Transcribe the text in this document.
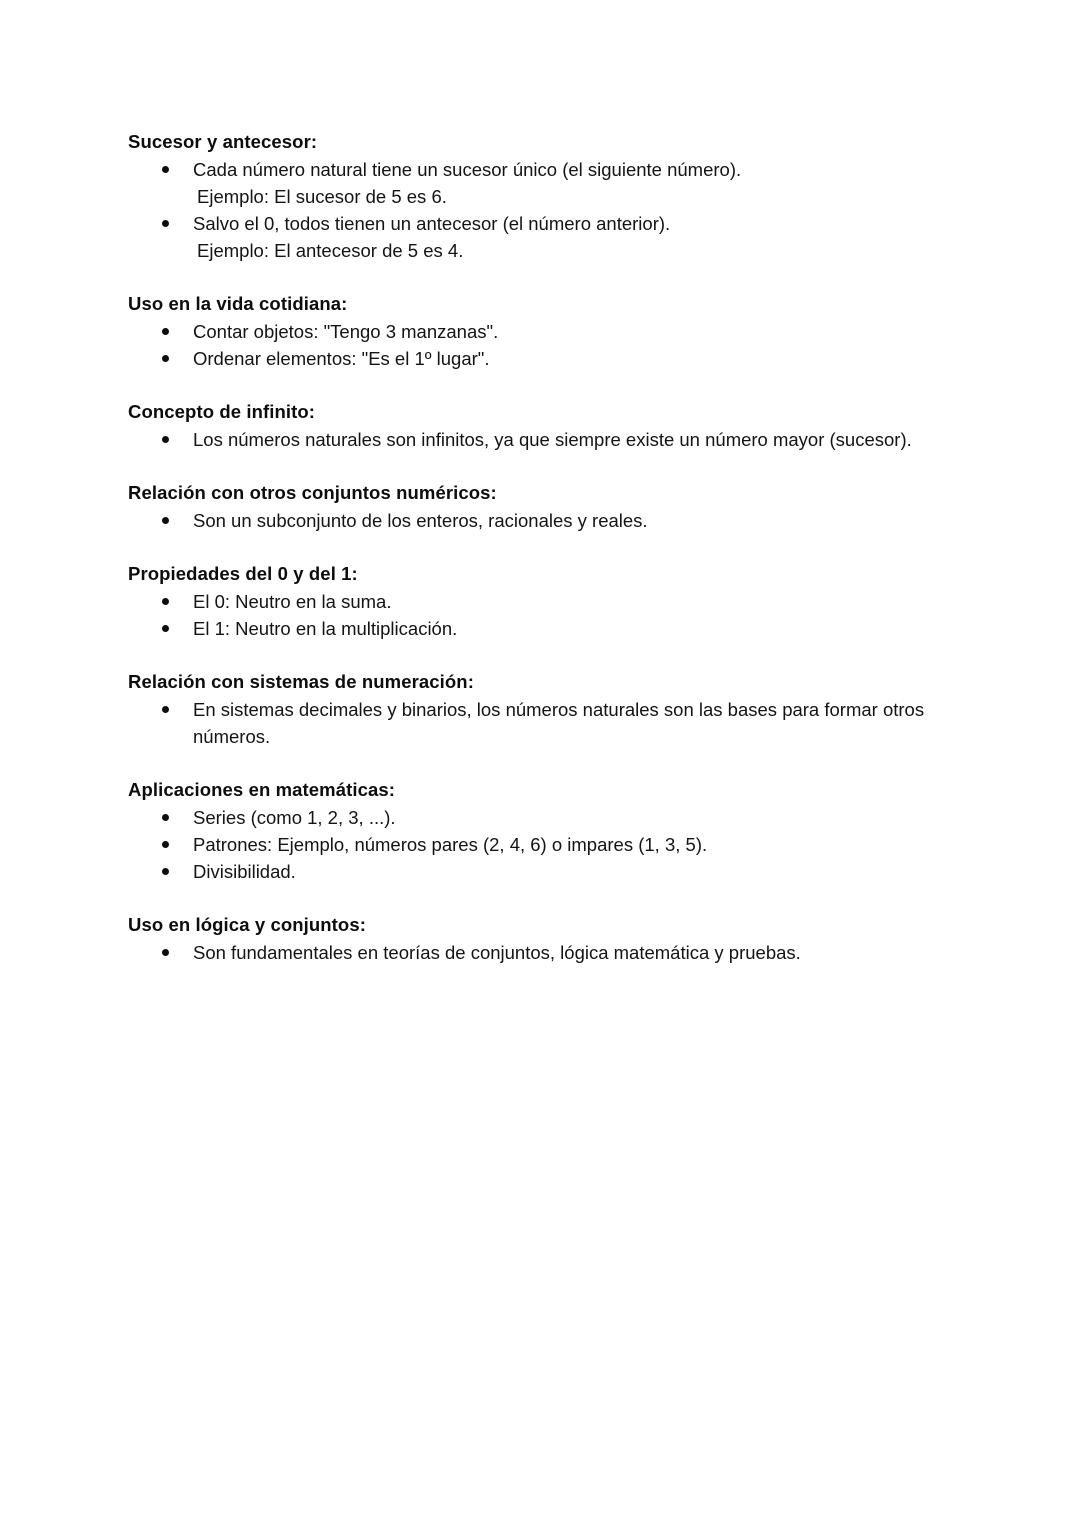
Sucesor y antecesor:
Cada número natural tiene un sucesor único (el siguiente número).
Ejemplo: El sucesor de 5 es 6.
Salvo el 0, todos tienen un antecesor (el número anterior).
Ejemplo: El antecesor de 5 es 4.
Uso en la vida cotidiana:
Contar objetos: "Tengo 3 manzanas".
Ordenar elementos: "Es el 1º lugar".
Concepto de infinito:
Los números naturales son infinitos, ya que siempre existe un número mayor (sucesor).
Relación con otros conjuntos numéricos:
Son un subconjunto de los enteros, racionales y reales.
Propiedades del 0 y del 1:
El 0: Neutro en la suma.
El 1: Neutro en la multiplicación.
Relación con sistemas de numeración:
En sistemas decimales y binarios, los números naturales son las bases para formar otros números.
Aplicaciones en matemáticas:
Series (como 1, 2, 3, ...).
Patrones: Ejemplo, números pares (2, 4, 6) o impares (1, 3, 5).
Divisibilidad.
Uso en lógica y conjuntos:
Son fundamentales en teorías de conjuntos, lógica matemática y pruebas.
